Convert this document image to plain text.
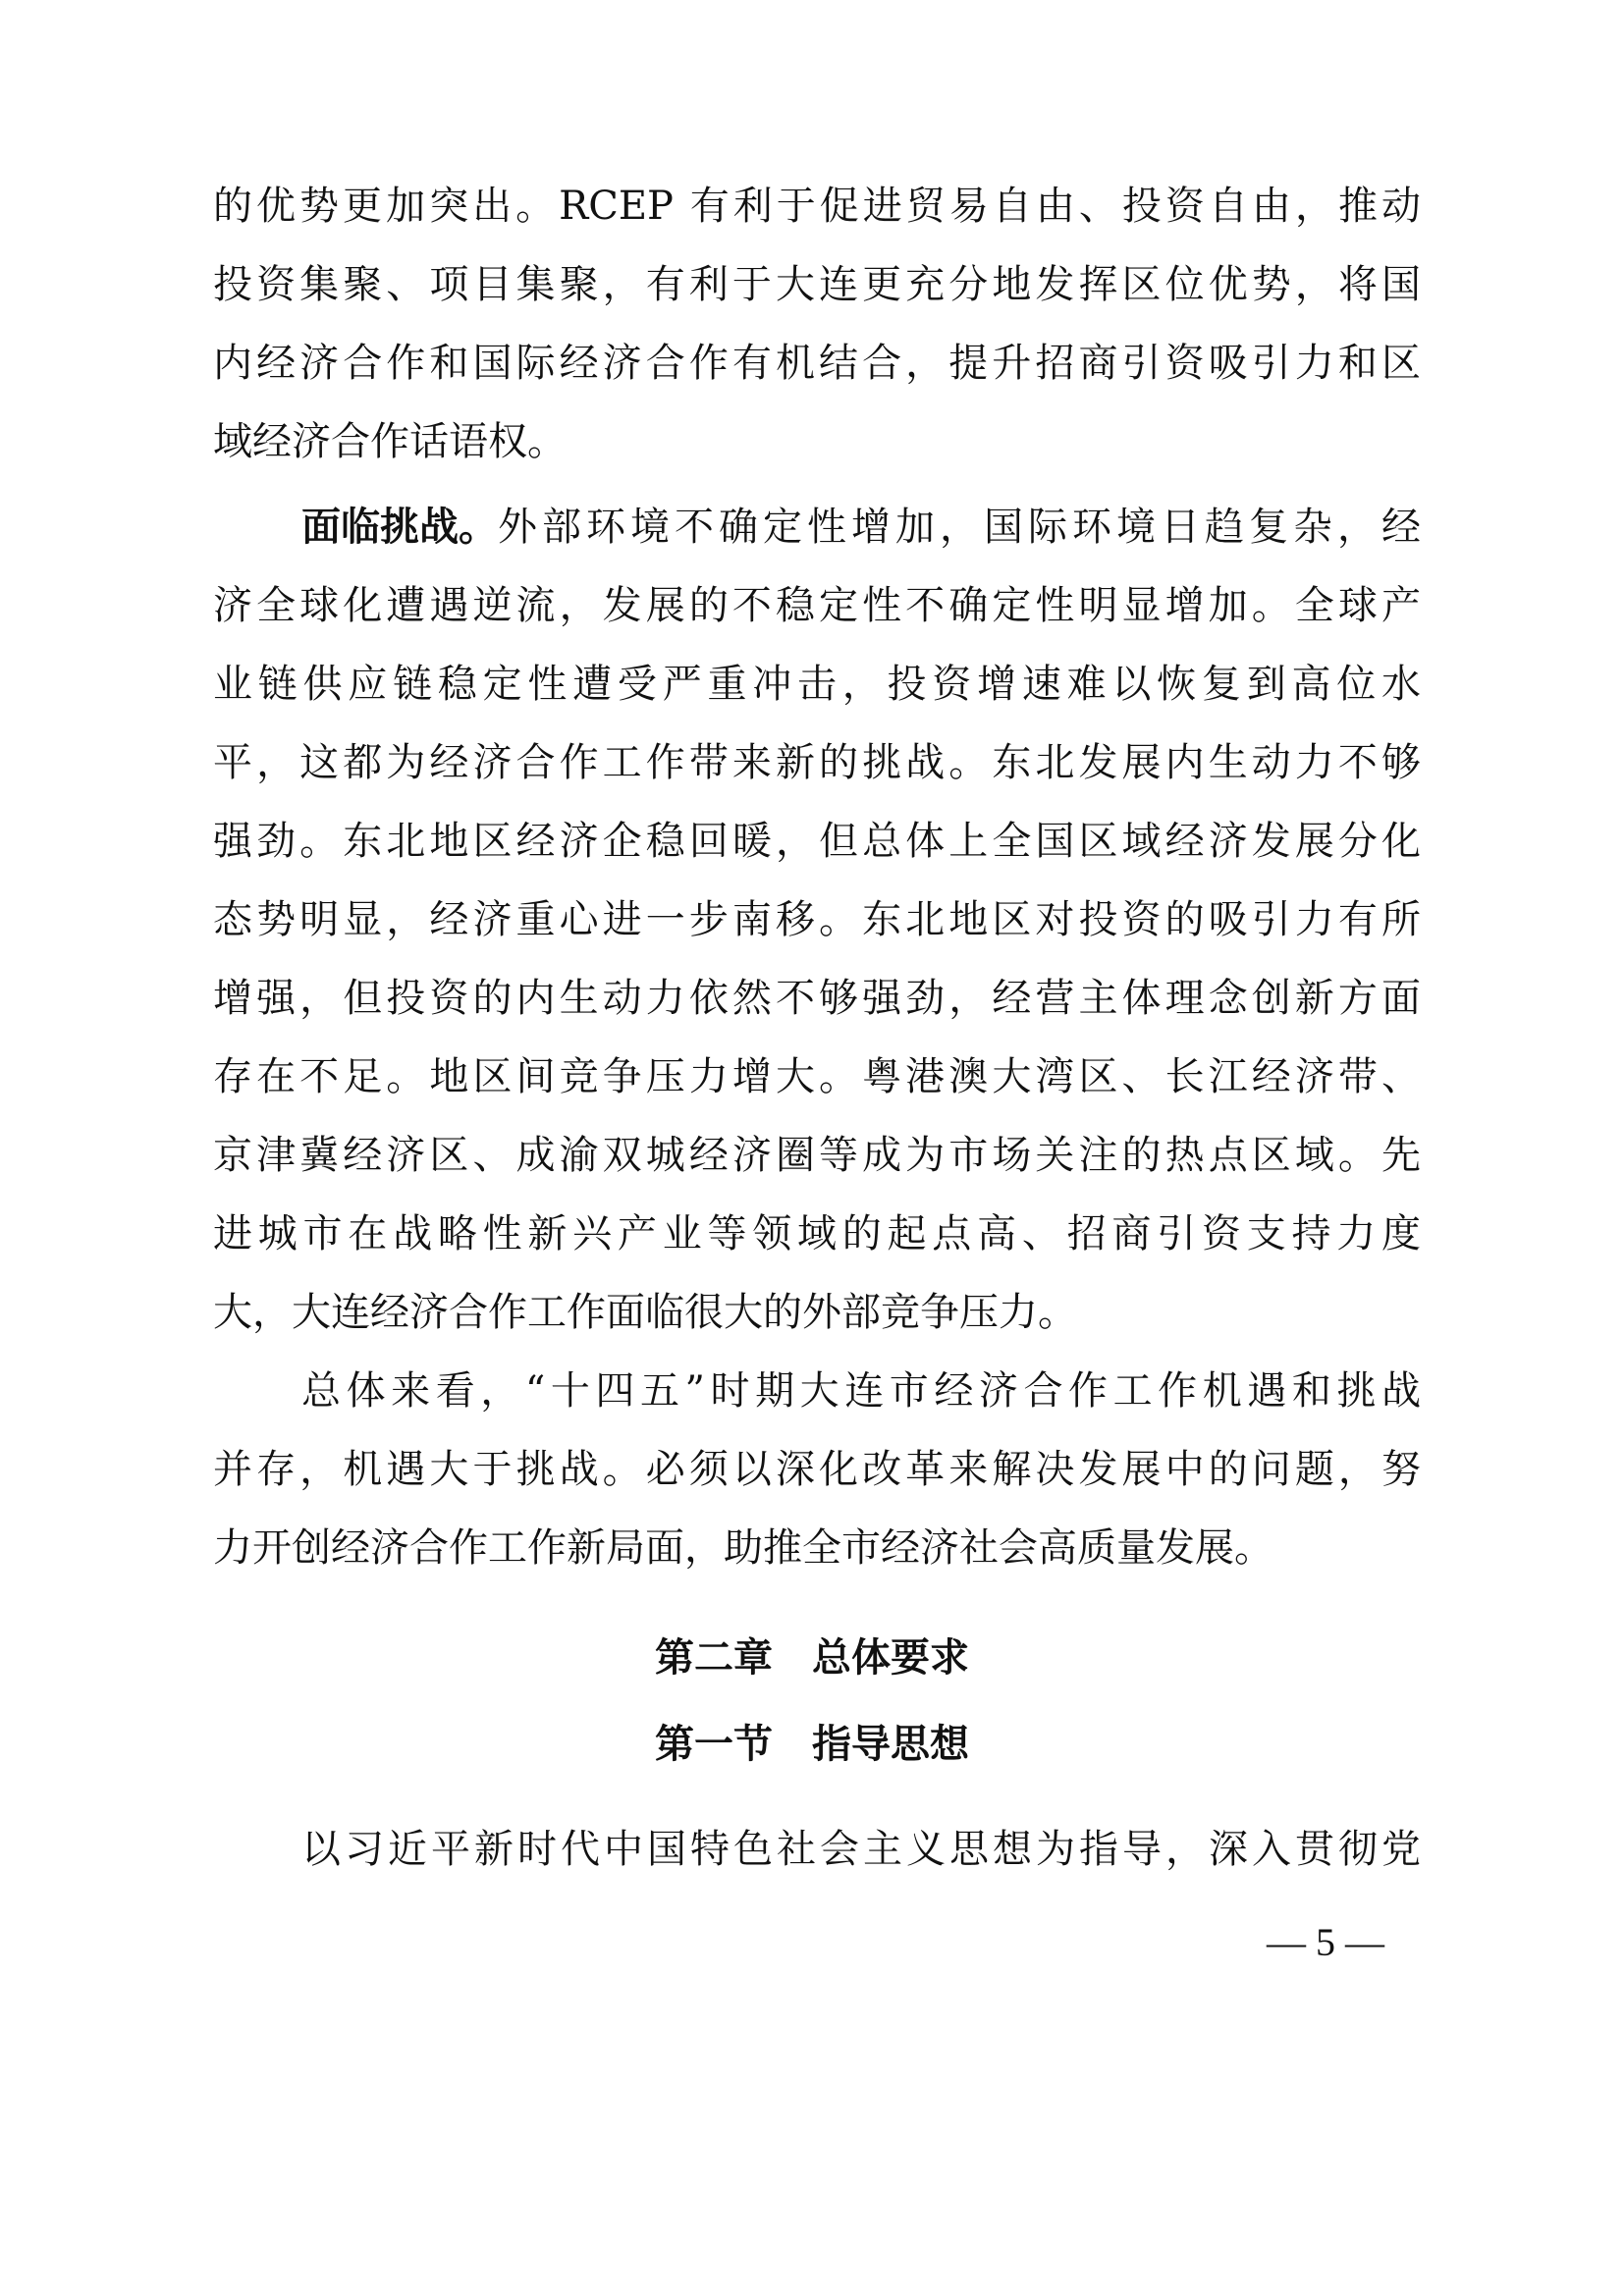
的优势更加突出。RCEP 有利于促进贸易自由、投资自由，推动
投资集聚、项目集聚，有利于大连更充分地发挥区位优势，将国
内经济合作和国际经济合作有机结合，提升招商引资吸引力和区
域经济合作话语权。
面临挑战。 外部环境不确定性增加，国际环境日趋复杂，经
济全球化遭遇逆流，发展的不稳定性不确定性明显增加。全球产
业链供应链稳定性遭受严重冲击，投资增速难以恢复到高位水
平，这都为经济合作工作带来新的挑战。东北发展内生动力不够
强劲。东北地区经济企稳回暖，但总体上全国区域经济发展分化
态势明显，经济重心进一步南移。东北地区对投资的吸引力有所
增强，但投资的内生动力依然不够强劲，经营主体理念创新方面
存在不足。地区间竞争压力增大。粤港澳大湾区、长江经济带、
京津冀经济区、成渝双城经济圈等成为市场关注的热点区域。先
进城市在战略性新兴产业等领域的起点高、招商引资支持力度
大，大连经济合作工作面临很大的外部竞争压力。
总体来看，“十四五”时期大连市经济合作工作机遇和挑战
并存，机遇大于挑战。必须以深化改革来解决发展中的问题，努
力开创经济合作工作新局面，助推全市经济社会高质量发展。
第二章　总体要求
第一节　指导思想
以习近平新时代中国特色社会主义思想为指导，深入贯彻党
— 5 —
